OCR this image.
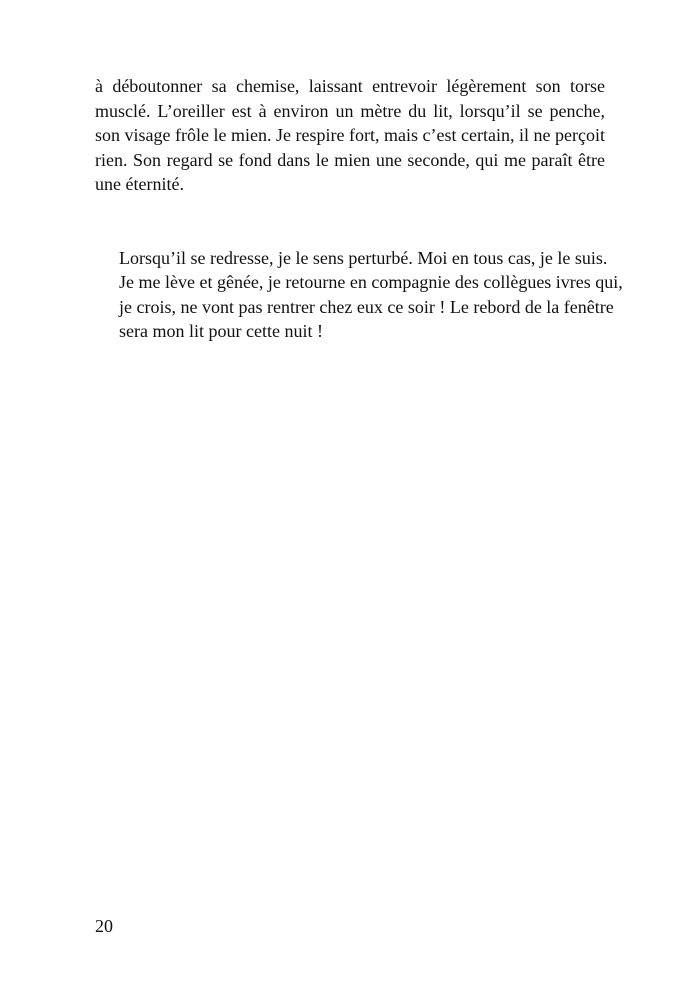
à déboutonner sa chemise, laissant entrevoir légèrement son torse
musclé. L’oreiller est à environ un mètre du lit, lorsqu’il se penche,
son visage frôle le mien. Je respire fort, mais c’est certain, il ne perçoit
rien. Son regard se fond dans le mien une seconde, qui me paraît être
une éternité.

Lorsqu’il se redresse, je le sens perturbé. Moi en tous cas, je le suis.
Je me lève et gênée, je retourne en compagnie des collègues ivres qui,
je crois, ne vont pas rentrer chez eux ce soir ! Le rebord de la fenêtre
sera mon lit pour cette nuit !

20
